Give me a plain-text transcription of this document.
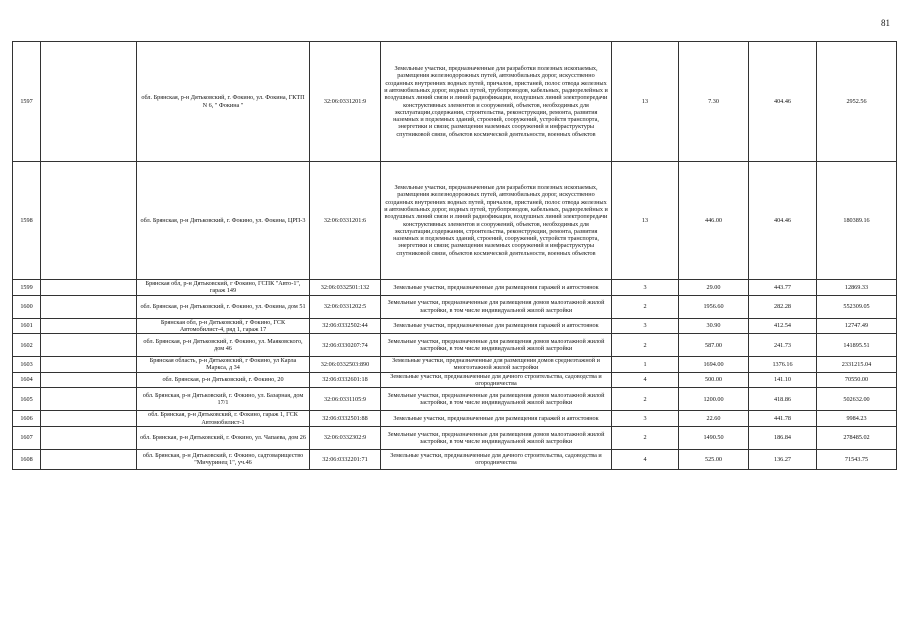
81
1597		обл. Брянская, р-н Дятьковский, г. Фокино, ул. Фокина, ГКТП N 6, " Фокина "	32:06:0331201:9	Земельные участки, предназначенные для разработки полезных ископаемых, размещения железнодорожных путей, автомобильных дорог, искусственно созданных внутренних водных путей, причалов, пристаней, полос отвода железных и автомобильных дорог, водных путей, трубопроводов, кабельных, радиорелейных и воздушных линий связи и линий радиофикации, воздушных линий электропередачи конструктивных элементов и сооружений, объектов, необходимых для эксплуатации,содержания, строительства, реконструкции, ремонта, развития наземных и подземных зданий, строений, сооружений, устройств транспорта, энергетики и связи; размещения наземных сооружений и инфраструктуры спутниковой связи, объектов космической деятельности, военных объектов	13	7.30	404.46	2952.56
1598		обл. Брянская, р-н Дятьковский, г. Фокино, ул. Фокина, ЦРП-3	32:06:0331201:6	Земельные участки, предназначенные для разработки полезных ископаемых, размещения железнодорожных путей, автомобильных дорог, искусственно созданных внутренних водных путей, причалов, пристаней, полос отвода железных и автомобильных дорог, водных путей, трубопроводов, кабельных, радиорелейных и воздушных линий связи и линий радиофикации, воздушных линий электропередачи конструктивных элементов и сооружений, объектов, необходимых для эксплуатации,содержания, строительства, реконструкции, ремонта, развития наземных и подземных зданий, строений, сооружений, устройств транспорта, энергетики и связи; размещения наземных сооружений и инфраструктуры спутниковой связи, объектов космической деятельности, военных объектов	13	446.00	404.46	180389.16
1599		Брянская обл, р-н Дятьковский, г Фокино, ГСПК "Авто-1", гараж 149	32:06:0332501:132	Земельные участки, предназначенные для размещения гаражей и автостоянок	3	29.00	443.77	12869.33
1600		обл. Брянская, р-н Дятьковский, г. Фокино, ул. Фокина, дом 51	32:06:0331202:5	Земельные участки, предназначенные для размещения домов малоэтажной жилой застройки, в том числе индивидуальной жилой застройки	2	1956.60	282.28	552309.05
1601		Брянская обл, р-н Дятьковский, г Фокино, ГСК Автомобилист-4, ряд 1, гараж 17	32:06:0332502:44	Земельные участки, предназначенные для размещения гаражей и автостоянок	3	30.90	412.54	12747.49
1602		обл. Брянская, р-н Дятьковский, г. Фокино, ул. Маяковского, дом 46	32:06:0330207:74	Земельные участки, предназначенные для размещения домов малоэтажной жилой застройки, в том числе индивидуальной жилой застройки	2	587.00	241.73	141895.51
1603		Брянская область, р-н Дятьковский, г Фокино, ул Карла Маркса, д 34	32:06:0332503:890	Земельные участки, предназначенные для размещения домов среднеэтажной и многоэтажной жилой застройки	1	1694.00	1376.16	2331215.04
1604		обл. Брянская, р-н Дятьковский, г. Фокино, 20	32:06:0332601:18	Земельные участки, предназначенные для дачного строительства, садоводства и огородничества	4	500.00	141.10	70550.00
1605		обл. Брянская, р-н Дятьковский, г. Фокино, ул. Базарная, дом 17/1	32:06:0331105:9	Земельные участки, предназначенные для размещения домов малоэтажной жилой застройки, в том числе индивидуальной жилой застройки	2	1200.00	418.86	502632.00
1606		обл. Брянская, р-н Дятьковский, г. Фокино, гараж 1, ГСК Автомобилист-1	32:06:0332501:88	Земельные участки, предназначенные для размещения гаражей и автостоянок	3	22.60	441.78	9984.23
1607		обл. Брянская, р-н Дятьковский, г. Фокино, ул. Чапаева, дом 26	32:06:0332302:9	Земельные участки, предназначенные для размещения домов малоэтажной жилой застройки, в том числе индивидуальной жилой застройки	2	1490.50	186.84	278485.02
1608		обл. Брянская, р-н Дятьковский, г. Фокино, садтоварищество "Мичуринец 1", уч.46	32:06:0332201:71	Земельные участки, предназначенные для дачного строительства, садоводства и огородничества	4	525.00	136.27	71543.75
